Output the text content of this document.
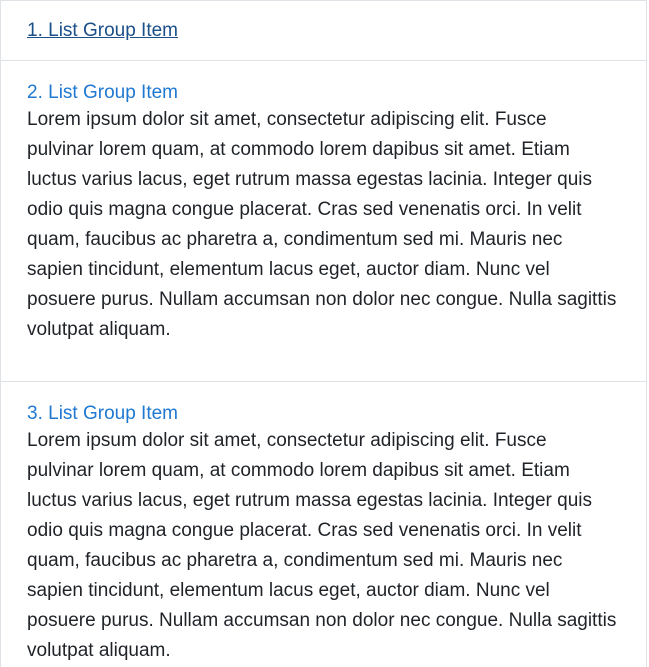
1. List Group Item
2. List Group Item

Lorem ipsum dolor sit amet, consectetur adipiscing elit. Fusce pulvinar lorem quam, at commodo lorem dapibus sit amet. Etiam luctus varius lacus, eget rutrum massa egestas lacinia. Integer quis odio quis magna congue placerat. Cras sed venenatis orci. In velit quam, faucibus ac pharetra a, condimentum sed mi. Mauris nec sapien tincidunt, elementum lacus eget, auctor diam. Nunc vel posuere purus. Nullam accumsan non dolor nec congue. Nulla sagittis volutpat aliquam.

3. List Group Item

Lorem ipsum dolor sit amet, consectetur adipiscing elit. Fusce pulvinar lorem quam, at commodo lorem dapibus sit amet. Etiam luctus varius lacus, eget rutrum massa egestas lacinia. Integer quis odio quis magna congue placerat. Cras sed venenatis orci. In velit quam, faucibus ac pharetra a, condimentum sed mi. Mauris nec sapien tincidunt, elementum lacus eget, auctor diam. Nunc vel posuere purus. Nullam accumsan non dolor nec congue. Nulla sagittis volutpat aliquam.
